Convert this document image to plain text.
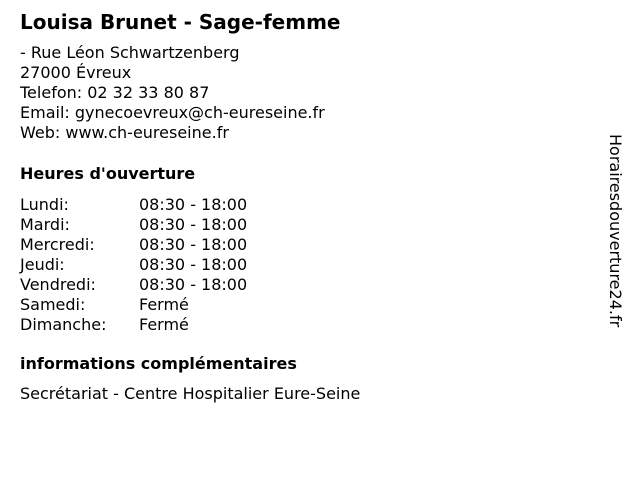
Louisa Brunet - Sage-femme
- Rue Léon Schwartzenberg
27000 Évreux
Telefon: 02 32 33 80 87
Email: gynecoevreux@ch-eureseine.fr
Web: www.ch-eureseine.fr
Heures d'ouverture
Lundi:	08:30 - 18:00
Mardi:	08:30 - 18:00
Mercredi:	08:30 - 18:00
Jeudi:	08:30 - 18:00
Vendredi:	08:30 - 18:00
Samedi:	Fermé
Dimanche: Fermé
informations complémentaires
Secrétariat - Centre Hospitalier Eure-Seine
Horairesdouverture24.fr
